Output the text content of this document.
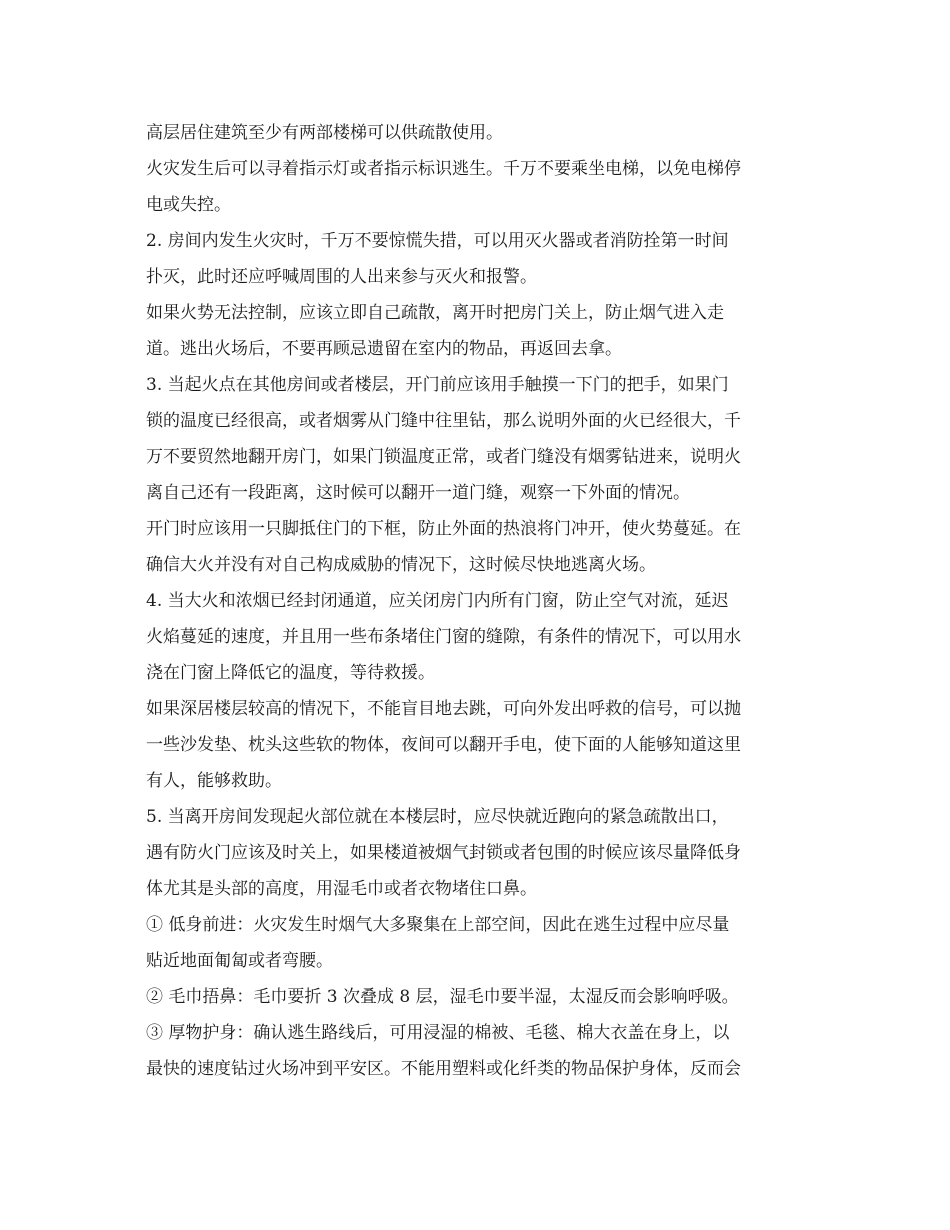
高层居住建筑至少有两部楼梯可以供疏散使用。

火灾发生后可以寻着指示灯或者指示标识逃生。千万不要乘坐电梯，以免电梯停
电或失控。

2. 房间内发生火灾时，千万不要惊慌失措，可以用灭火器或者消防拴第一时间
扑灭，此时还应呼喊周围的人出来参与灭火和报警。

如果火势无法控制，应该立即自己疏散，离开时把房门关上，防止烟气进入走
道。逃出火场后，不要再顾忌遗留在室内的物品，再返回去拿。

3. 当起火点在其他房间或者楼层，开门前应该用手触摸一下门的把手，如果门
锁的温度已经很高，或者烟雾从门缝中往里钻，那么说明外面的火已经很大，千
万不要贸然地翻开房门，如果门锁温度正常，或者门缝没有烟雾钻进来，说明火
离自己还有一段距离，这时候可以翻开一道门缝，观察一下外面的情况。

开门时应该用一只脚抵住门的下框，防止外面的热浪将门冲开，使火势蔓延。在
确信大火并没有对自己构成威胁的情况下，这时候尽快地逃离火场。

4. 当大火和浓烟已经封闭通道，应关闭房门内所有门窗，防止空气对流，延迟
火焰蔓延的速度，并且用一些布条堵住门窗的缝隙，有条件的情况下，可以用水
浇在门窗上降低它的温度，等待救援。

如果深居楼层较高的情况下，不能盲目地去跳，可向外发出呼救的信号，可以抛
一些沙发垫、枕头这些软的物体，夜间可以翻开手电，使下面的人能够知道这里
有人，能够救助。

5. 当离开房间发现起火部位就在本楼层时，应尽快就近跑向的紧急疏散出口，
遇有防火门应该及时关上，如果楼道被烟气封锁或者包围的时候应该尽量降低身
体尤其是头部的高度，用湿毛巾或者衣物堵住口鼻。

① 低身前进：火灾发生时烟气大多聚集在上部空间，因此在逃生过程中应尽量
贴近地面匍匐或者弯腰。

② 毛巾捂鼻：毛巾要折 3 次叠成 8 层，湿毛巾要半湿，太湿反而会影响呼吸。

③ 厚物护身：确认逃生路线后，可用浸湿的棉被、毛毯、棉大衣盖在身上，以
最快的速度钻过火场冲到平安区。不能用塑料或化纤类的物品保护身体，反而会
